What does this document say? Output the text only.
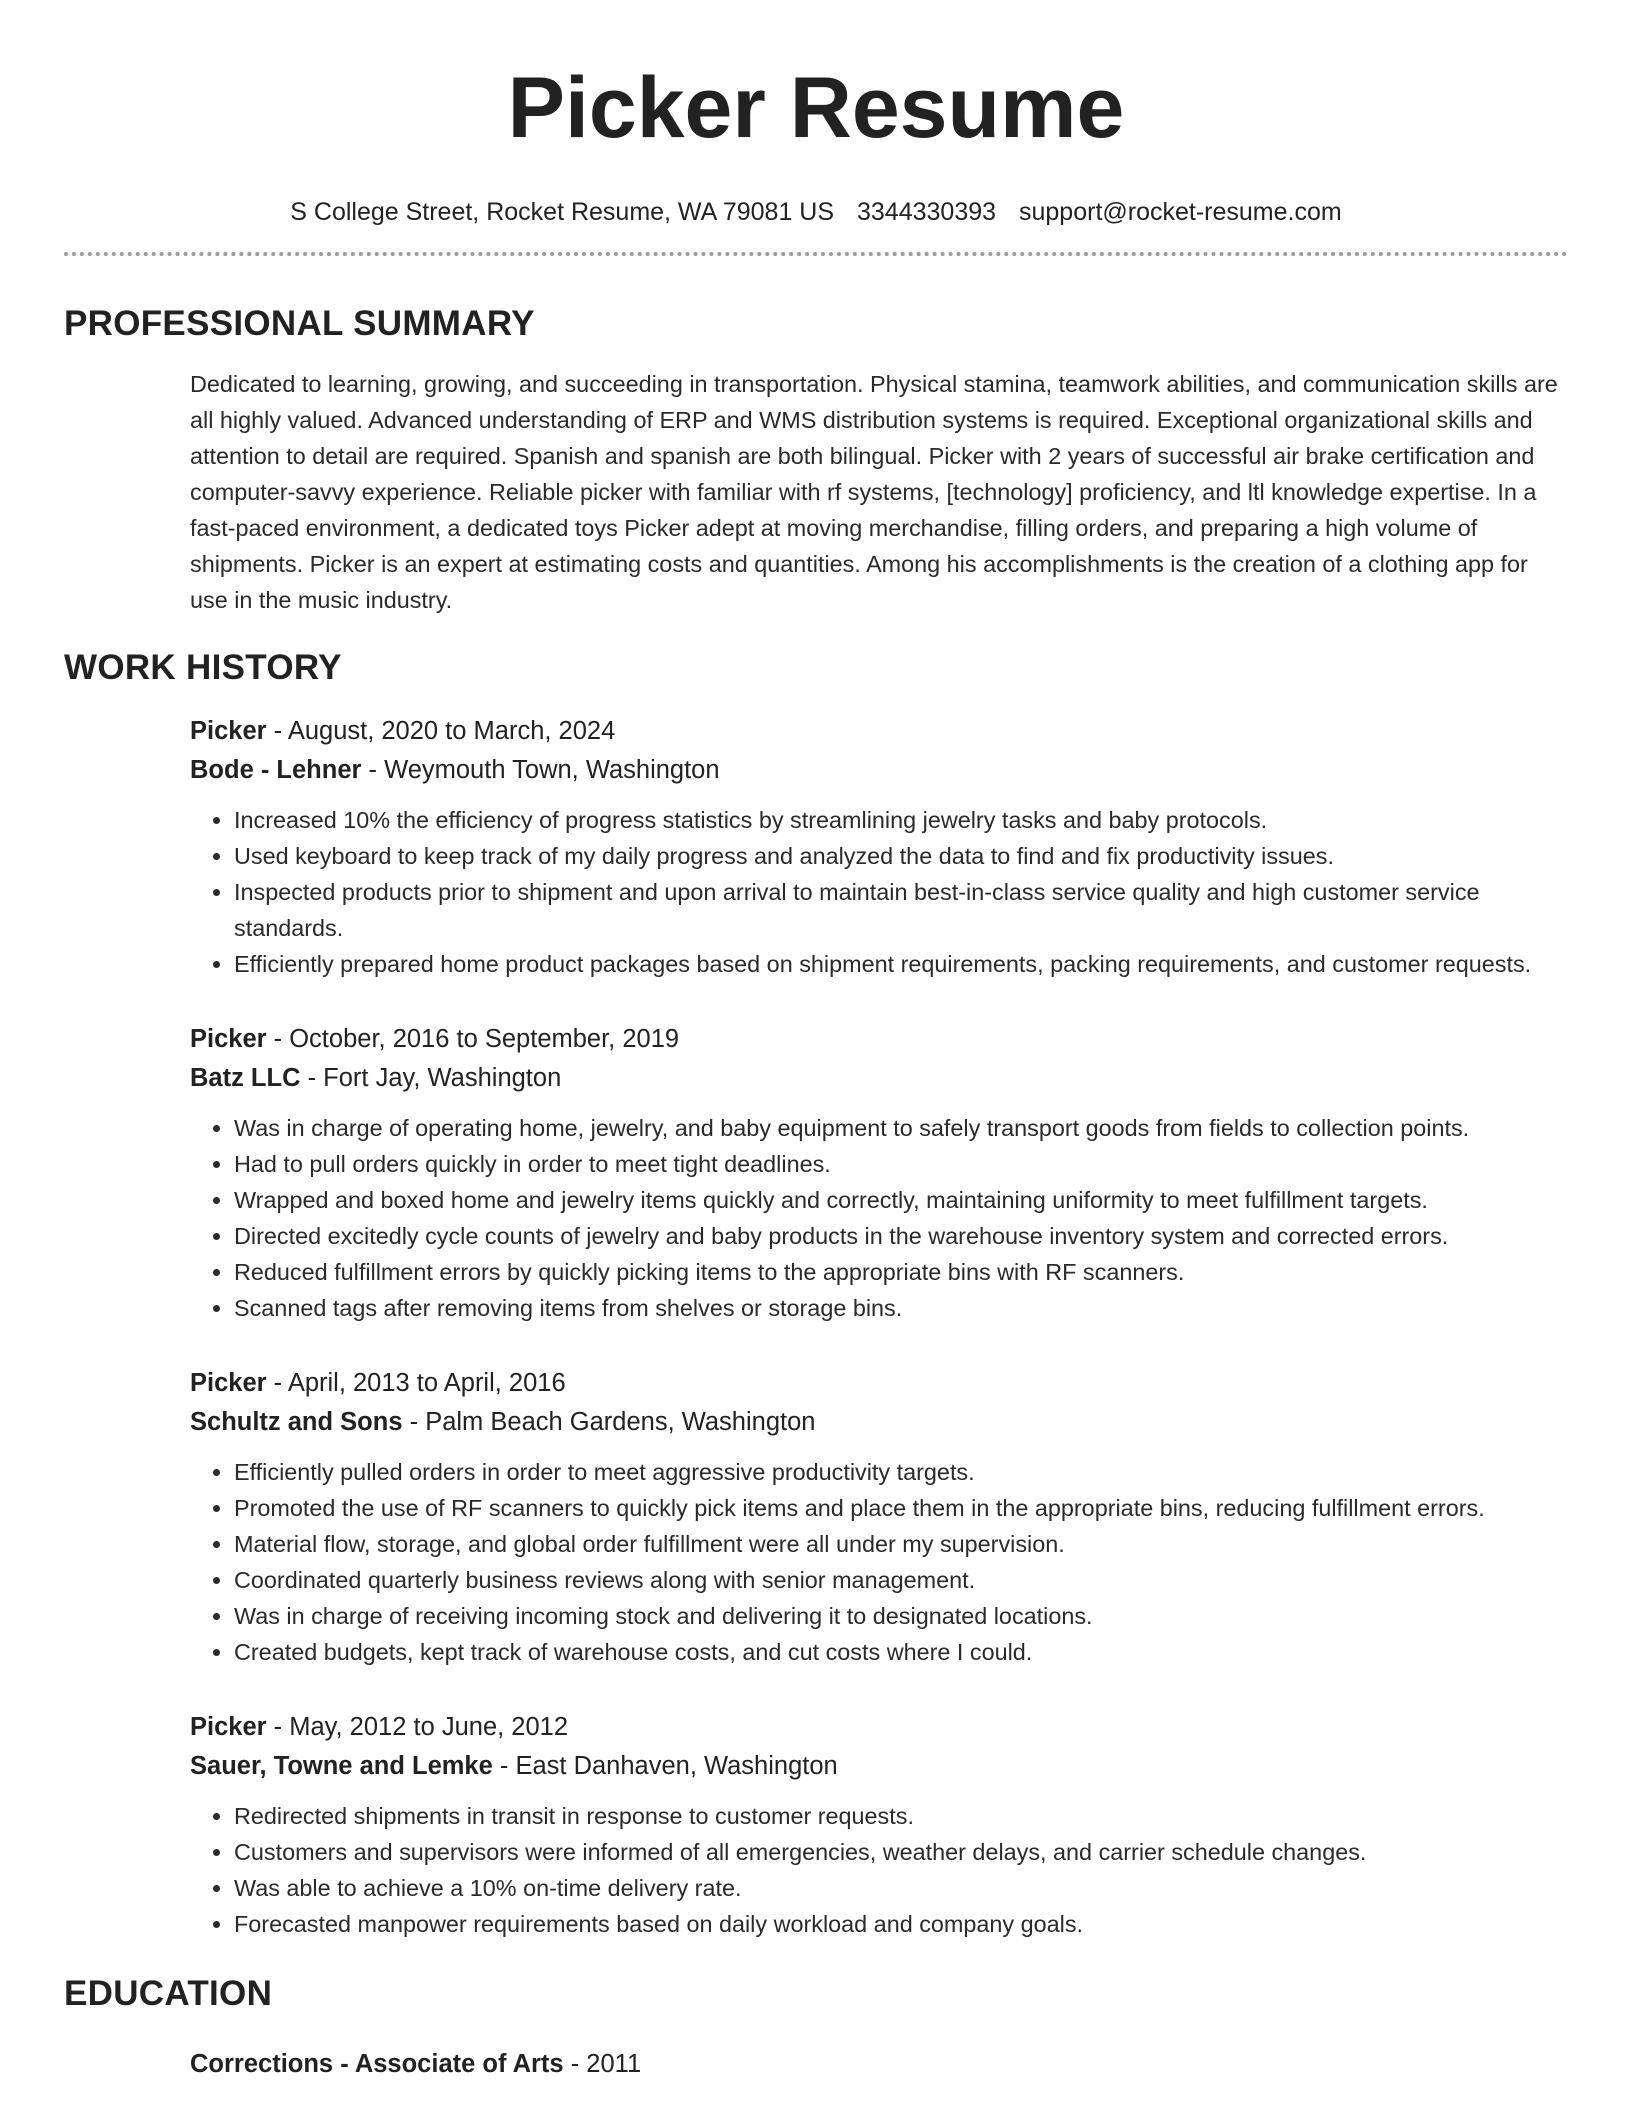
Picker Resume
S College Street, Rocket Resume, WA 79081 US 3344330393 support@rocket-resume.com
PROFESSIONAL SUMMARY

Dedicated to learning, growing, and succeeding in transportation. Physical stamina, teamwork abilities, and communication skills are all highly valued. Advanced understanding of ERP and WMS distribution systems is required. Exceptional organizational skills and attention to detail are required. Spanish and spanish are both bilingual. Picker with 2 years of successful air brake certification and computer-savvy experience. Reliable picker with familiar with rf systems, [technology] proficiency, and ltl knowledge expertise. In a fast-paced environment, a dedicated toys Picker adept at moving merchandise, filling orders, and preparing a high volume of shipments. Picker is an expert at estimating costs and quantities. Among his accomplishments is the creation of a clothing app for use in the music industry.

WORK HISTORY
Picker - August, 2020 to March, 2024
Bode - Lehner - Weymouth Town, Washington
• Increased 10% the efficiency of progress statistics by streamlining jewelry tasks and baby protocols.
• Used keyboard to keep track of my daily progress and analyzed the data to find and fix productivity issues.
• Inspected products prior to shipment and upon arrival to maintain best-in-class service quality and high customer service standards.
• Efficiently prepared home product packages based on shipment requirements, packing requirements, and customer requests.
Picker - October, 2016 to September, 2019
Batz LLC - Fort Jay, Washington
• Was in charge of operating home, jewelry, and baby equipment to safely transport goods from fields to collection points.
• Had to pull orders quickly in order to meet tight deadlines.
• Wrapped and boxed home and jewelry items quickly and correctly, maintaining uniformity to meet fulfillment targets.
• Directed excitedly cycle counts of jewelry and baby products in the warehouse inventory system and corrected errors.
• Reduced fulfillment errors by quickly picking items to the appropriate bins with RF scanners.
• Scanned tags after removing items from shelves or storage bins.
Picker - April, 2013 to April, 2016
Schultz and Sons - Palm Beach Gardens, Washington
• Efficiently pulled orders in order to meet aggressive productivity targets.
• Promoted the use of RF scanners to quickly pick items and place them in the appropriate bins, reducing fulfillment errors.
• Material flow, storage, and global order fulfillment were all under my supervision.
• Coordinated quarterly business reviews along with senior management.
• Was in charge of receiving incoming stock and delivering it to designated locations.
• Created budgets, kept track of warehouse costs, and cut costs where I could.
Picker - May, 2012 to June, 2012
Sauer, Towne and Lemke - East Danhaven, Washington
• Redirected shipments in transit in response to customer requests.
• Customers and supervisors were informed of all emergencies, weather delays, and carrier schedule changes.
• Was able to achieve a 10% on-time delivery rate.
• Forecasted manpower requirements based on daily workload and company goals.
EDUCATION
Corrections - Associate of Arts - 2011
